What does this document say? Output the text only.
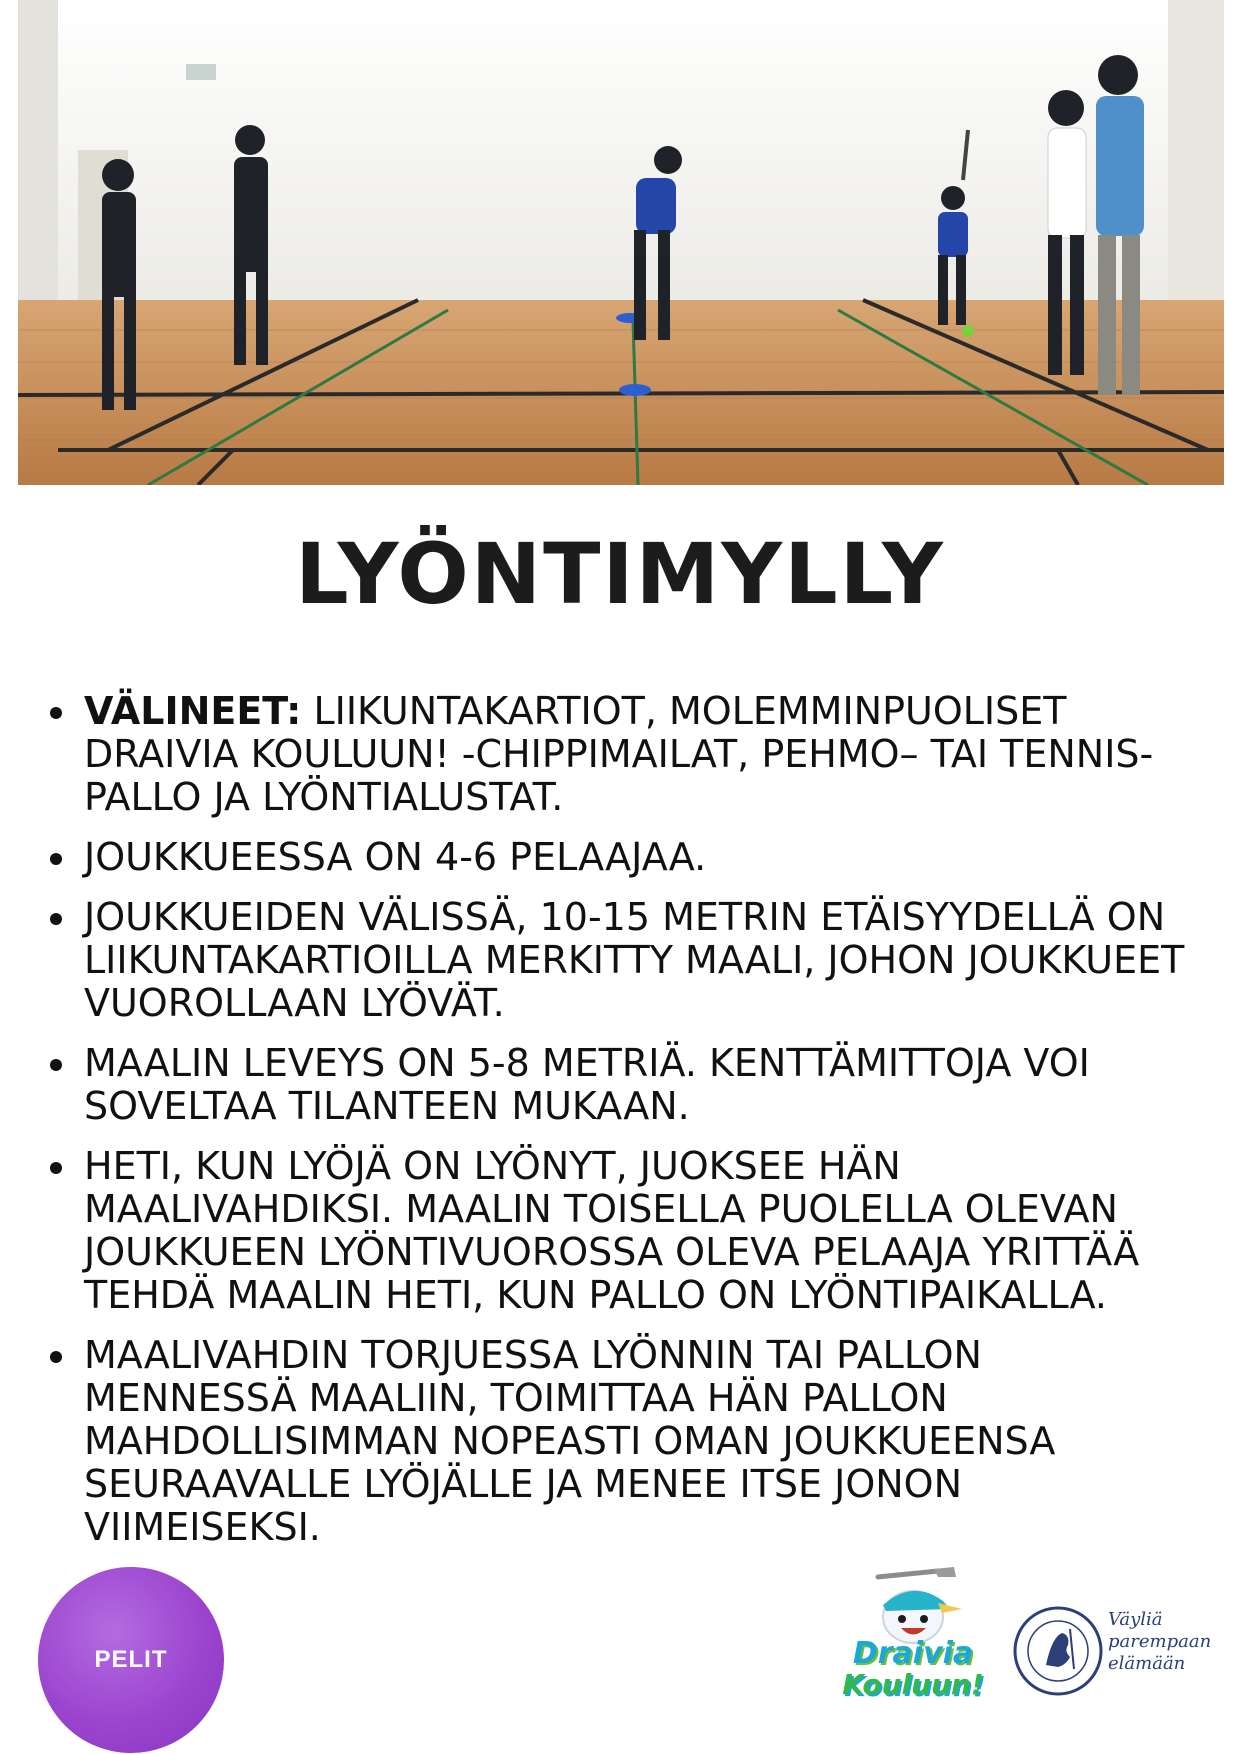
LYÖNTIMYLLY
VÄLINEET: LIIKUNTAKARTIOT, MOLEMMINPUOLISET DRAIVIA KOULUUN! -CHIPPIMAILAT, PEHMO– TAI TENNIS-PALLO JA LYÖNTIALUSTAT.
JOUKKUEESSA ON 4-6 PELAAJAA.
JOUKKUEIDEN VÄLISSÄ, 10-15 METRIN ETÄISYYDELLÄ ON LIIKUNTAKARTIOILLA MERKITTY MAALI, JOHON JOUKKUEET VUOROLLAAN LYÖVÄT.
MAALIN LEVEYS ON 5-8 METRIÄ. KENTTÄMITTOJA VOI SOVELTAA TILANTEEN MUKAAN.
HETI, KUN LYÖJÄ ON LYÖNYT, JUOKSEE HÄN MAALIVAHDIKSI. MAALIN TOISELLA PUOLELLA OLEVAN JOUKKUEEN LYÖNTIVUOROSSA OLEVA PELAAJA YRITTÄÄ TEHDÄ MAALIN HETI, KUN PALLO ON LYÖNTIPAIKALLA.
MAALIVAHDIN TORJUESSA LYÖNNIN TAI PALLON MENNESSÄ MAALIIN, TOIMITTAA HÄN PALLON MAHDOLLISIMMAN NOPEASTI OMAN JOUKKUEENSA SEURAAVALLE LYÖJÄLLE JA MENEE ITSE JONON VIIMEISEKSI.
PELIT	Draivia
Kouluun!
Väyliä
parempaan
elämään
